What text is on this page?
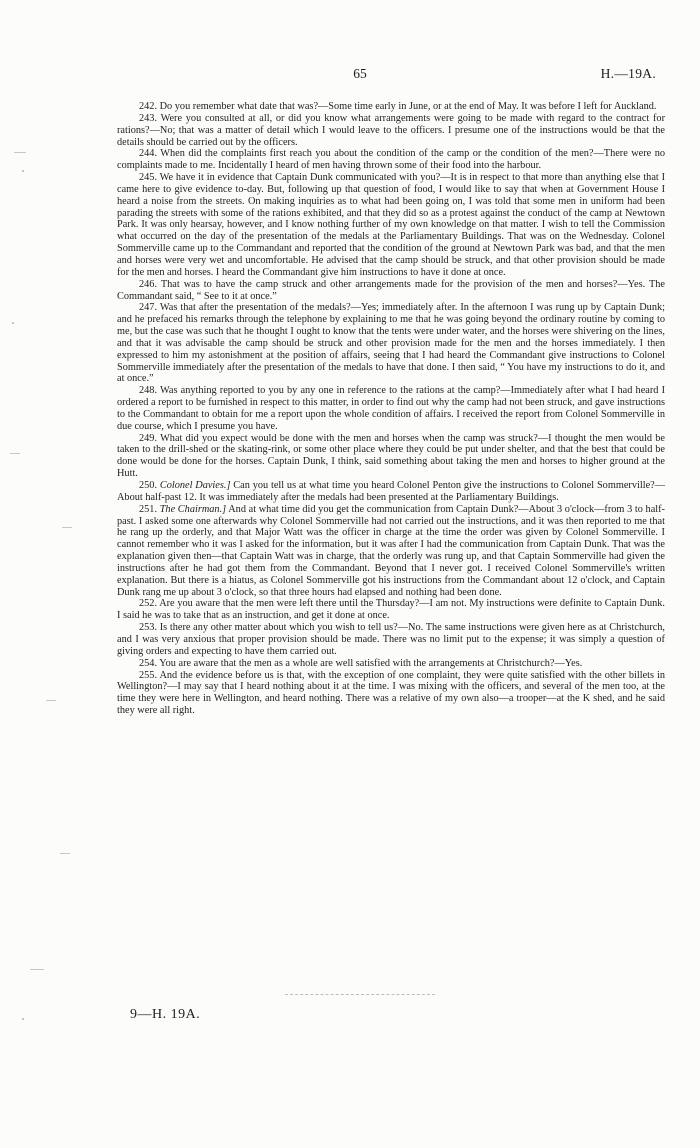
65	H.—19A.

242. Do you remember what date that was?—Some time early in June, or at the end of May. It was before I left for Auckland.

243. Were you consulted at all, or did you know what arrangements were going to be made with regard to the contract for rations?—No; that was a matter of detail which I would leave to the officers. I presume one of the instructions would be that the details should be carried out by the officers.

244. When did the complaints first reach you about the condition of the camp or the condition of the men?—There were no complaints made to me. Incidentally I heard of men having thrown some of their food into the harbour.

245. We have it in evidence that Captain Dunk communicated with you?—It is in respect to that more than anything else that I came here to give evidence to-day. But, following up that question of food, I would like to say that when at Government House I heard a noise from the streets. On making inquiries as to what had been going on, I was told that some men in uniform had been parading the streets with some of the rations exhibited, and that they did so as a protest against the conduct of the camp at Newtown Park. It was only hearsay, however, and I know nothing further of my own knowledge on that matter. I wish to tell the Commission what occurred on the day of the presentation of the medals at the Parliamentary Buildings. That was on the Wednesday. Colonel Sommerville came up to the Commandant and reported that the condition of the ground at Newtown Park was bad, and that the men and horses were very wet and uncomfortable. He advised that the camp should be struck, and that other provision should be made for the men and horses. I heard the Commandant give him instructions to have it done at once.

246. That was to have the camp struck and other arrangements made for the provision of the men and horses?—Yes. The Commandant said, “ See to it at once.”

247. Was that after the presentation of the medals?—Yes; immediately after. In the afternoon I was rung up by Captain Dunk; and he prefaced his remarks through the telephone by explaining to me that he was going beyond the ordinary routine by coming to me, but the case was such that he thought I ought to know that the tents were under water, and the horses were shivering on the lines, and that it was advisable the camp should be struck and other provision made for the men and the horses immediately. I then expressed to him my astonishment at the position of affairs, seeing that I had heard the Commandant give instructions to Colonel Sommerville immediately after the presentation of the medals to have that done. I then said, “ You have my instructions to do it, and at once.”

248. Was anything reported to you by any one in reference to the rations at the camp?—Immediately after what I had heard I ordered a report to be furnished in respect to this matter, in order to find out why the camp had not been struck, and gave instructions to the Commandant to obtain for me a report upon the whole condition of affairs. I received the report from Colonel Sommerville in due course, which I presume you have.

249. What did you expect would be done with the men and horses when the camp was struck?—I thought the men would be taken to the drill-shed or the skating-rink, or some other place where they could be put under shelter, and that the best that could be done would be done for the horses. Captain Dunk, I think, said something about taking the men and horses to higher ground at the Hutt.

250. Colonel Davies.] Can you tell us at what time you heard Colonel Penton give the instructions to Colonel Sommerville?—About half-past 12. It was immediately after the medals had been presented at the Parliamentary Buildings.

251. The Chairman.] And at what time did you get the communication from Captain Dunk?—About 3 o'clock—from 3 to half-past. I asked some one afterwards why Colonel Sommerville had not carried out the instructions, and it was then reported to me that he rang up the orderly, and that Major Watt was the officer in charge at the time the order was given by Colonel Sommerville. I cannot remember who it was I asked for the information, but it was after I had the communication from Captain Dunk. That was the explanation given then—that Captain Watt was in charge, that the orderly was rung up, and that Captain Sommerville had given the instructions after he had got them from the Commandant. Beyond that I never got. I received Colonel Sommerville's written explanation. But there is a hiatus, as Colonel Sommerville got his instructions from the Commandant about 12 o'clock, and Captain Dunk rang me up about 3 o'clock, so that three hours had elapsed and nothing had been done.

252. Are you aware that the men were left there until the Thursday?—I am not. My instructions were definite to Captain Dunk. I said he was to take that as an instruction, and get it done at once.

253. Is there any other matter about which you wish to tell us?—No. The same instructions were given here as at Christchurch, and I was very anxious that proper provision should be made. There was no limit put to the expense; it was simply a question of giving orders and expecting to have them carried out.

254. You are aware that the men as a whole are well satisfied with the arrangements at Christchurch?—Yes.

255. And the evidence before us is that, with the exception of one complaint, they were quite satisfied with the other billets in Wellington?—I may say that I heard nothing about it at the time. I was mixing with the officers, and several of the men too, at the time they were here in Wellington, and heard nothing. There was a relative of my own also—a trooper—at the K shed, and he said they were all right.

9—H. 19A.
